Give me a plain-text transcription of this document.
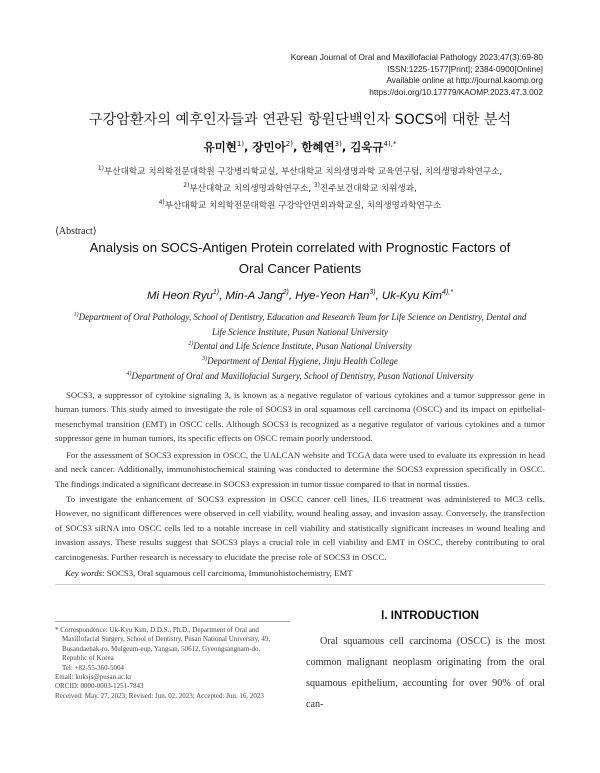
Korean Journal of Oral and Maxillofacial Pathology 2023;47(3):69-80
ISSN:1225-1577[Print]; 2384-0900[Online]
Available online at http://journal.kaomp.org
https://doi.org/10.17779/KAOMP.2023.47.3.002
구강암환자의 예후인자들과 연관된 항원단백인자 SOCS에 대한 분석
유미현$^{1)}$, 장민아$^{2)}$, 한혜연$^{3)}$, 김욱규$^{4),*}$
$^{1)}$부산대학교 치의학전문대학원 구강병리학교실, 부산대학교 치의생명과학 교육연구팀, 치의생명과학연구소,
$^{2)}$부산대학교 치의생명과학연구소, $^{3)}$진주보건대학교 치위생과,
$^{4)}$부산대학교 치의학전문대학원 구강악안면외과학교실, 치의생명과학연구소
⟨Abstract⟩
Analysis on SOCS-Antigen Protein correlated with Prognostic Factors of
Oral Cancer Patients
Mi Heon Ryu$^{1)}$, Min-A Jang$^{2)}$, Hye-Yeon Han$^{3)}$, Uk-Kyu Kim$^{4),*}$
$^{1)}$Department of Oral Pathology, School of Dentistry, Education and Research Team for Life Science on Dentistry, Dental and
Life Science Institute, Pusan National University
$^{2)}$Dental and Life Science Institute, Pusan National University
$^{3)}$Department of Dental Hygiene, Jinju Health College
$^{4)}$Department of Oral and Maxillofacial Surgery, School of Dentistry, Pusan National University
SOCS3, a suppressor of cytokine signaling 3, is known as a negative regulator of various cytokines and a tumor suppressor gene in human tumors. This study aimed to investigate the role of SOCS3 in oral squamous cell carcinoma (OSCC) and its impact on epithelial-mesenchymal transition (EMT) in OSCC cells. Although SOCS3 is recognized as a negative regulator of various cytokines and a tumor suppressor gene in human tumors, its specific effects on OSCC remain poorly understood.
For the assessment of SOCS3 expression in OSCC, the UALCAN website and TCGA data were used to evaluate its expression in head and neck cancer. Additionally, immunohistochemical staining was conducted to determine the SOCS3 expression specifically in OSCC. The findings indicated a significant decrease in SOCS3 expression in tumor tissue compared to that in normal tissues.
To investigate the enhancement of SOCS3 expression in OSCC cancer cell lines, IL6 treatment was administered to MC3 cells. However, no significant differences were observed in cell viability, wound healing assay, and invasion assay. Conversely, the transfection of SOCS3 siRNA into OSCC cells led to a notable increase in cell viability and statistically significant increases in wound healing and invasion assays. These results suggest that SOCS3 plays a crucial role in cell viability and EMT in OSCC, thereby contributing to oral carcinogenesis. Further research is necessary to elucidate the precise role of SOCS3 in OSCC.
Key words: SOCS3, Oral squamous cell carcinoma, Immunohistochemistry, EMT
Ⅰ. INTRODUCTION
Oral squamous cell carcinoma (OSCC) is the most common malignant neoplasm originating from the oral squamous epithelium, accounting for over 90% of oral can-
* Correspondence: Uk-Kyu Kim, D.D.S., Ph.D., Department of Oral and
Maxillofacial Surgery, School of Dentistry, Pusan National University, 49,
Busandaehak-ro, Mulgeum-eup, Yangsan, 50612, Gyeongsangnam-do,
Republic of Korea
Tel: +82-55-360-5004
Email: kuksjs@pusan.ac.kr
ORCID: 0000-0003-1251-7843
Received: May. 27, 2023; Revised: Jun. 02, 2023; Accepted: Jun. 16, 2023
